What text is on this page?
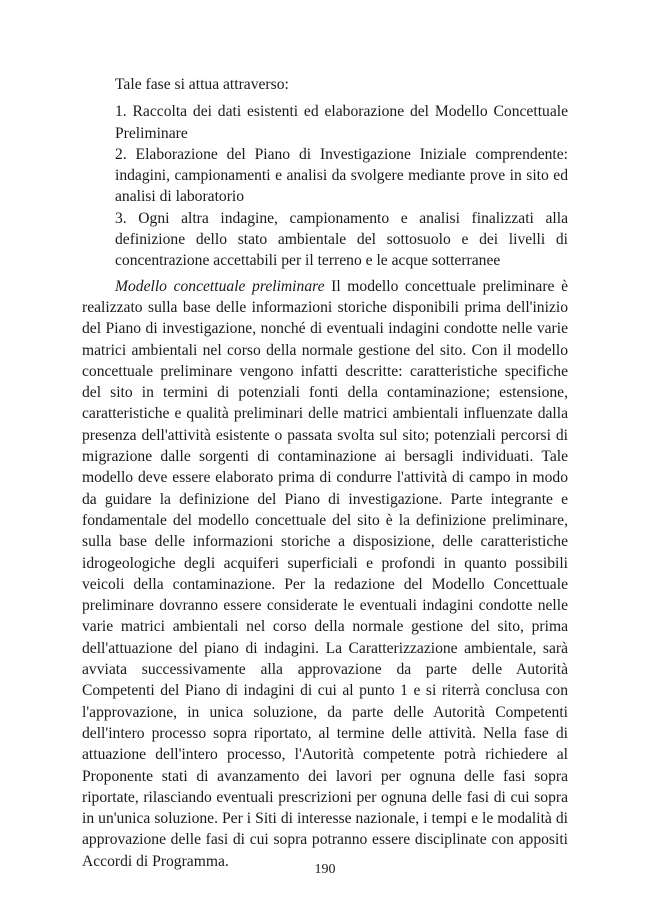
Tale fase si attua attraverso:

1. Raccolta dei dati esistenti ed elaborazione del Modello Concettuale Preliminare
2. Elaborazione del Piano di Investigazione Iniziale comprendente: indagini, campionamenti e analisi da svolgere mediante prove in sito ed analisi di laboratorio
3. Ogni altra indagine, campionamento e analisi finalizzati alla definizione dello stato ambientale del sottosuolo e dei livelli di concentrazione accettabili per il terreno e le acque sotterranee

Modello concettuale preliminare Il modello concettuale preliminare è realizzato sulla base delle informazioni storiche disponibili prima dell'inizio del Piano di investigazione, nonché di eventuali indagini condotte nelle varie matrici ambientali nel corso della normale gestione del sito. Con il modello concettuale preliminare vengono infatti descritte: caratteristiche specifiche del sito in termini di potenziali fonti della contaminazione; estensione, caratteristiche e qualità preliminari delle matrici ambientali influenzate dalla presenza dell'attività esistente o passata svolta sul sito; potenziali percorsi di migrazione dalle sorgenti di contaminazione ai bersagli individuati. Tale modello deve essere elaborato prima di condurre l'attività di campo in modo da guidare la definizione del Piano di investigazione. Parte integrante e fondamentale del modello concettuale del sito è la definizione preliminare, sulla base delle informazioni storiche a disposizione, delle caratteristiche idrogeologiche degli acquiferi superficiali e profondi in quanto possibili veicoli della contaminazione. Per la redazione del Modello Concettuale preliminare dovranno essere considerate le eventuali indagini condotte nelle varie matrici ambientali nel corso della normale gestione del sito, prima dell'attuazione del piano di indagini. La Caratterizzazione ambientale, sarà avviata successivamente alla approvazione da parte delle Autorità Competenti del Piano di indagini di cui al punto 1 e si riterrà conclusa con l'approvazione, in unica soluzione, da parte delle Autorità Competenti dell'intero processo sopra riportato, al termine delle attività. Nella fase di attuazione dell'intero processo, l'Autorità competente potrà richiedere al Proponente stati di avanzamento dei lavori per ognuna delle fasi sopra riportate, rilasciando eventuali prescrizioni per ognuna delle fasi di cui sopra in un'unica soluzione. Per i Siti di interesse nazionale, i tempi e le modalità di approvazione delle fasi di cui sopra potranno essere disciplinate con appositi Accordi di Programma.	190
